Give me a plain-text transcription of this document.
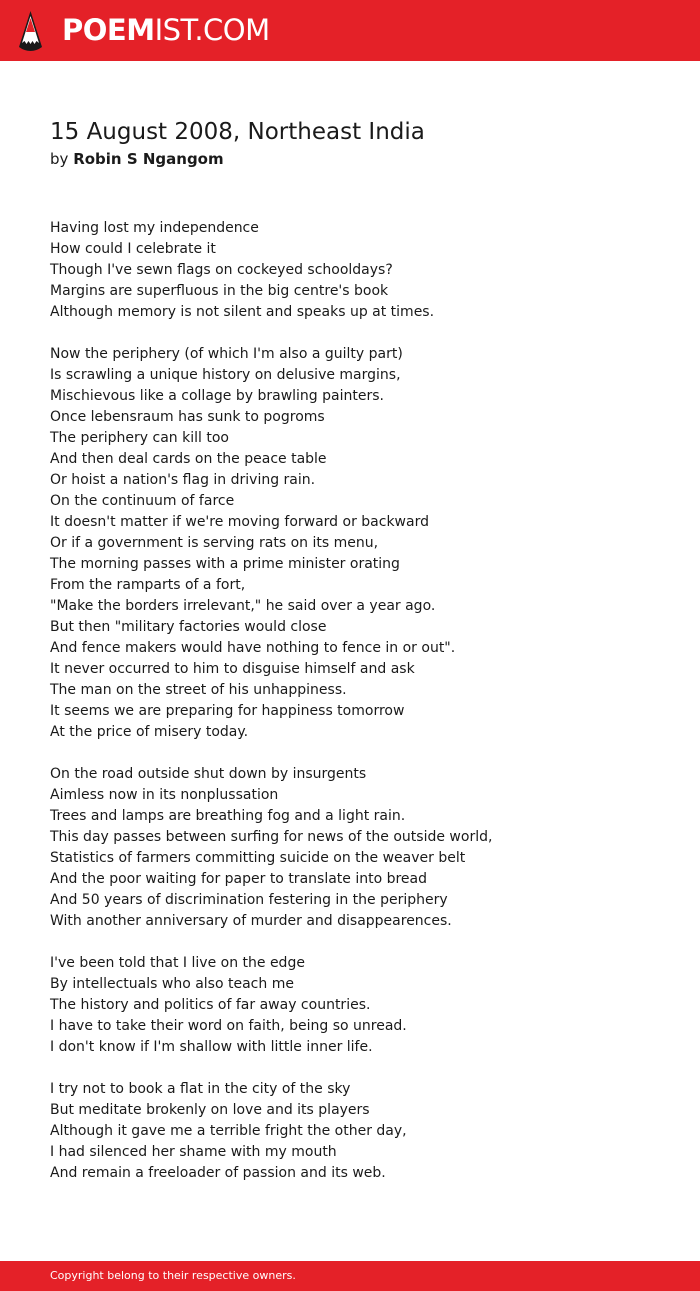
POEMIST.COM
15 August 2008, Northeast India
by Robin S Ngangom
Having lost my independence
How could I celebrate it
Though I've sewn flags on cockeyed schooldays?
Margins are superfluous in the big centre's book
Although memory is not silent and speaks up at times.
Now the periphery (of which I'm also a guilty part)
Is scrawling a unique history on delusive margins,
Mischievous like a collage by brawling painters.
Once lebensraum has sunk to pogroms
The periphery can kill too
And then deal cards on the peace table
Or hoist a nation's flag in driving rain.
On the continuum of farce
It doesn't matter if we're moving forward or backward
Or if a government is serving rats on its menu,
The morning passes with a prime minister orating
From the ramparts of a fort,
"Make the borders irrelevant," he said over a year ago.
But then "military factories would close
And fence makers would have nothing to fence in or out".
It never occurred to him to disguise himself and ask
The man on the street of his unhappiness.
It seems we are preparing for happiness tomorrow
At the price of misery today.
On the road outside shut down by insurgents
Aimless now in its nonplussation
Trees and lamps are breathing fog and a light rain.
This day passes between surfing for news of the outside world,
Statistics of farmers committing suicide on the weaver belt
And the poor waiting for paper to translate into bread
And 50 years of discrimination festering in the periphery
With another anniversary of murder and disappearences.
I've been told that I live on the edge
By intellectuals who also teach me
The history and politics of far away countries.
I have to take their word on faith, being so unread.
I don't know if I'm shallow with little inner life.
I try not to book a flat in the city of the sky
But meditate brokenly on love and its players
Although it gave me a terrible fright the other day,
I had silenced her shame with my mouth
And remain a freeloader of passion and its web.
Copyright belong to their respective owners.
